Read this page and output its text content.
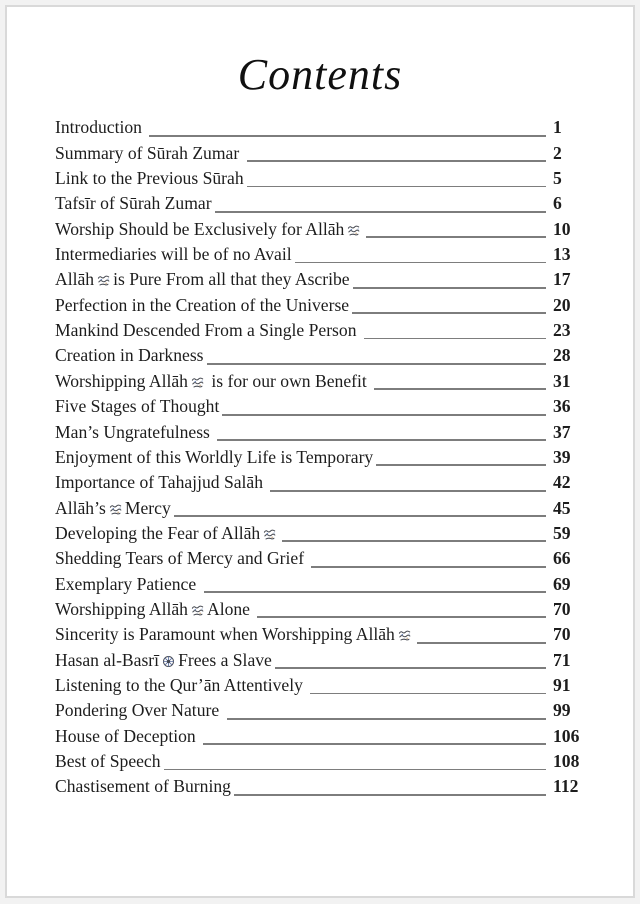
Contents
Introduction	1
Summary of Sūrah Zumar	2
Link to the Previous Sūrah	5
Tafsīr of Sūrah Zumar	6
Worship Should be Exclusively for Allāh	10
Intermediaries will be of no Avail	13
Allāh is Pure From all that they Ascribe	17
Perfection in the Creation of the Universe	20
Mankind Descended From a Single Person	23
Creation in Darkness	28
Worshipping Allāh is for our own Benefit	31
Five Stages of Thought	36
Man’s Ungratefulness	37
Enjoyment of this Worldly Life is Temporary	39
Importance of Tahajjud Salāh	42
Allāh’s Mercy	45
Developing the Fear of Allāh	59
Shedding Tears of Mercy and Grief	66
Exemplary Patience	69
Worshipping Allāh Alone	70
Sincerity is Paramount when Worshipping Allāh	70
Hasan al-Basrī Frees a Slave	71
Listening to the Qur’ān Attentively	91
Pondering Over Nature	99
House of Deception	106
Best of Speech	108
Chastisement of Burning	112
